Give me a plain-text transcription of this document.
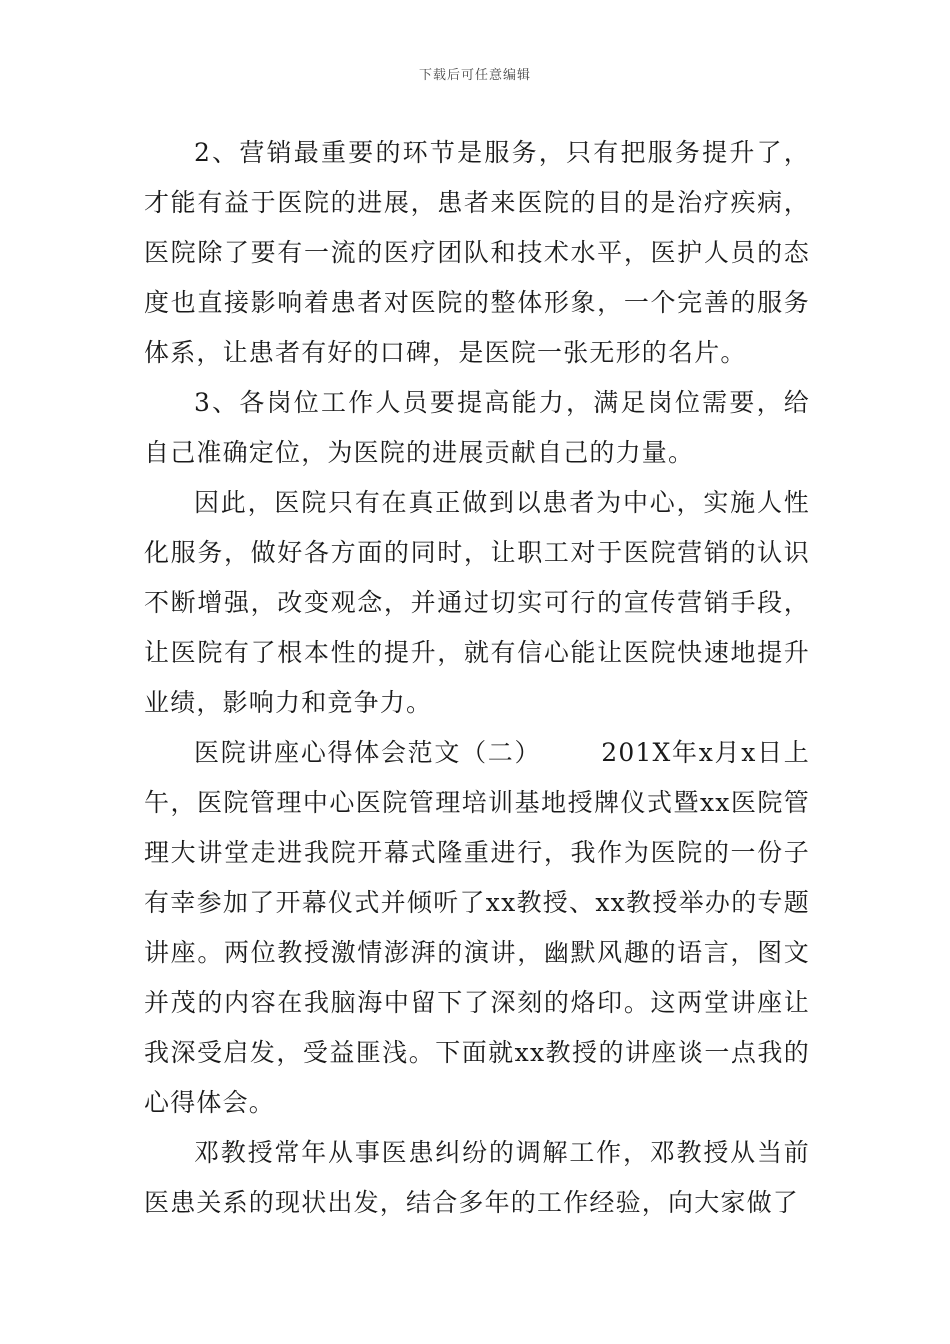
下载后可任意编辑

2、营销最重要的环节是服务，只有把服务提升了，才能有益于医院的进展，患者来医院的目的是治疗疾病，医院除了要有一流的医疗团队和技术水平，医护人员的态度也直接影响着患者对医院的整体形象，一个完善的服务体系，让患者有好的口碑，是医院一张无形的名片。

3、各岗位工作人员要提高能力，满足岗位需要，给自己准确定位，为医院的进展贡献自己的力量。

因此，医院只有在真正做到以患者为中心，实施人性化服务，做好各方面的同时，让职工对于医院营销的认识不断增强，改变观念，并通过切实可行的宣传营销手段，让医院有了根本性的提升，就有信心能让医院快速地提升业绩，影响力和竞争力。

医院讲座心得体会范文（二） 201X年x月x日上午，医院管理中心医院管理培训基地授牌仪式暨xx医院管理大讲堂走进我院开幕式隆重进行，我作为医院的一份子有幸参加了开幕仪式并倾听了xx教授、xx教授举办的专题讲座。两位教授激情澎湃的演讲，幽默风趣的语言，图文并茂的内容在我脑海中留下了深刻的烙印。这两堂讲座让我深受启发，受益匪浅。下面就xx教授的讲座谈一点我的心得体会。

邓教授常年从事医患纠纷的调解工作，邓教授从当前医患关系的现状出发，结合多年的工作经验，向大家做了
